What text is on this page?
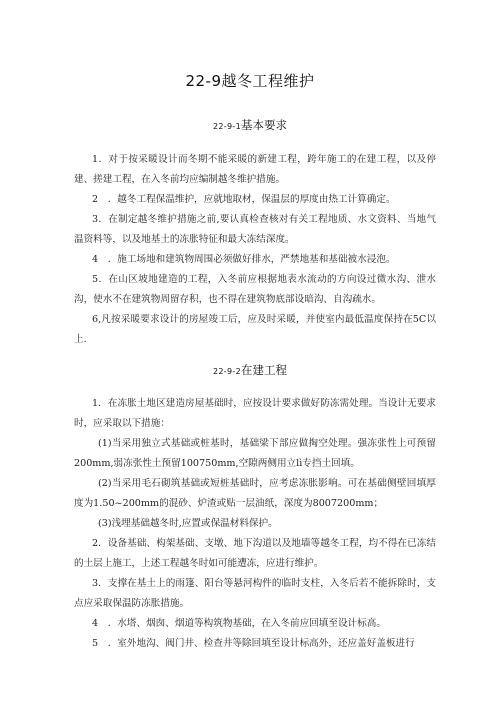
22-9越冬工程维护
22-9-1基本要求
1．对于按采暖设计而冬期不能采暖的新建工程，跨年施工的在建工程，以及停建、搓建工程，在入冬前均应编制越冬维护措施。
2　．越冬工程保温维护，应就地取材，保温层的厚度由热工计算确定。
3．在制定越冬维护措施之前,要认真检查核对有关工程地质、水文资料、当地气温资料等，以及地基土的冻胀特征和最大冻结深度。
4　．施工场地和建筑物周围必须做好排水，严禁地基和基础被水浸泡。
5．在山区坡地建造的工程，入冬前应根据地表水流动的方向设过微水沟、泄水沟，使水不在建筑物周留存积，也不得在建筑物底部设暗沟、自沟疏水。
6,凡按采暖要求设计的房屋竣工后，应及时采暖，并使室内最低温度保持在5C以上.
22-9-2在建工程
1．在冻胀土地区建造房屋基础时，应按设计要求做好防冻需处理。当设计无要求时，应采取以下措施：
(1)当采用独立式基础或桩基时，基础梁下部应做掏空处理。强冻张性上可预留200mm,弱冻张性土预留100750mm,空隙两侧用立lì专挡土回填。
(2)当采用毛石砌筑基础或短桩基础时，应考虑冻胀影响。可在基础侧壁回填厚度为1.50~200mm的混砂、炉渣或贴一层油纸，深度为8007200mm；
(3)浅埋基础越冬时,应置或保温材料保护。
2．设备基础、构架基础、支墩、地下沟道以及地墙等越冬工程，均不得在已冻结的土层上施工，上述工程越冬时如可能遭冻，应进行维护。
3．支撑在基土上的雨篷、阳台等悬河构件的临时支柱，入冬后若不能拆除时，支点应采取保温防冻胀措施。
4　．水塔、烟囱、烟道等构筑物基础，在入冬前应回填至设计标高。
5　．室外地沟、阀门井、检查井等除回填至设计标高外，还应盖好盖板进行
